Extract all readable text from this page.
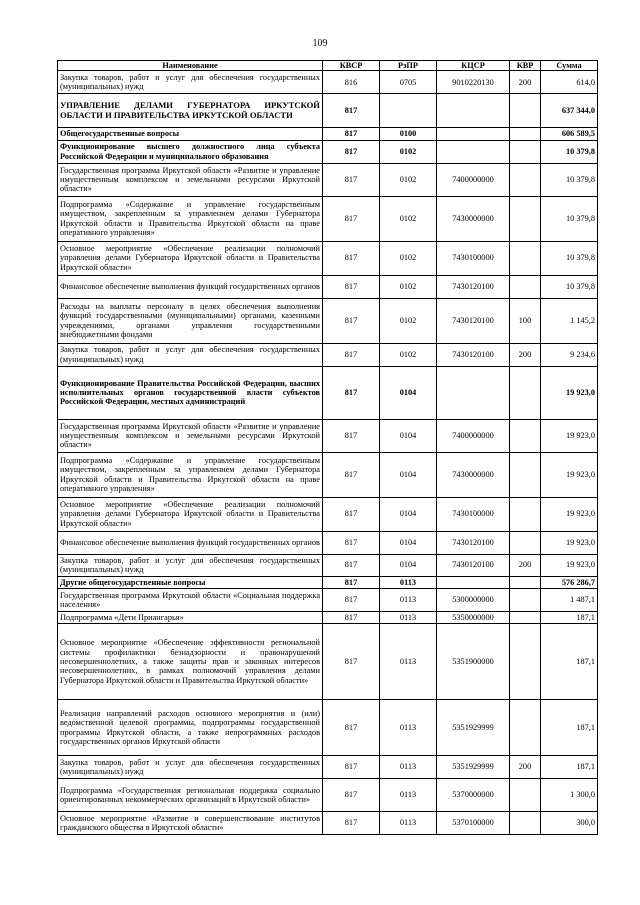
109
Наименование	КВСР	РзПР	КЦСР	КВР	Сумма
Закупка товаров, работ и услуг для обеспечения государственных (муниципальных) нужд	816	0705	9010220130	200	614,0
УПРАВЛЕНИЕ ДЕЛАМИ ГУБЕРНАТОРА ИРКУТСКОЙ ОБЛАСТИ И ПРАВИТЕЛЬСТВА ИРКУТСКОЙ ОБЛАСТИ	817				637 344,0
Общегосударственные вопросы	817	0100			606 589,5
Функционирование высшего должностного лица субъекта Российской Федерации и муниципального образования	817	0102			10 379,8
Государственная программа Иркутской области «Развитие и управление имущественным комплексом и земельными ресурсами Иркутской области»	817	0102	7400000000		10 379,8
Подпрограмма «Содержание и управление государственным имуществом, закрепленным за управлением делами Губернатора Иркутской области и Правительства Иркутской области на праве оперативного управления»	817	0102	7430000000		10 379,8
Основное мероприятие «Обеспечение реализации полномочий управления делами Губернатора Иркутской области и Правительства Иркутской области»	817	0102	7430100000		10 379,8
Финансовое обеспечение выполнения функций государственных органов	817	0102	7430120100		10 379,8
Расходы на выплаты персоналу в целях обеспечения выполнения функций государственными (муниципальными) органами, казенными учреждениями, органами управления государственными внебюджетными фондами	817	0102	7430120100	100	1 145,2
Закупка товаров, работ и услуг для обеспечения государственных (муниципальных) нужд	817	0102	7430120100	200	9 234,6
Функционирование Правительства Российской Федерации, высших исполнительных органов государственной власти субъектов Российской Федерации, местных администраций	817	0104			19 923,0
Государственная программа Иркутской области «Развитие и управление имущественным комплексом и земельными ресурсами Иркутской области»	817	0104	7400000000		19 923,0
Подпрограмма «Содержание и управление государственным имуществом, закрепленным за управлением делами Губернатора Иркутской области и Правительства Иркутской области на праве оперативного управления»	817	0104	7430000000		19 923,0
Основное мероприятие «Обеспечение реализации полномочий управления делами Губернатора Иркутской области и Правительства Иркутской области»	817	0104	7430100000		19 923,0
Финансовое обеспечение выполнения функций государственных органов	817	0104	7430120100		19 923,0
Закупка товаров, работ и услуг для обеспечения государственных (муниципальных) нужд	817	0104	7430120100	200	19 923,0
Другие общегосударственные вопросы	817	0113			576 286,7
Государственная программа Иркутской области «Социальная поддержка населения»	817	0113	5300000000		1 487,1
Подпрограмма «Дети Приангарья»	817	0113	5350000000		187,1
Основное мероприятие «Обеспечение эффективности региональной системы профилактики безнадзорности и правонарушений несовершеннолетних, а также защиты прав и законных интересов несовершеннолетних, в рамках полномочий управления делами Губернатора Иркутской области и Правительства Иркутской области»	817	0113	5351900000		187,1
Реализация направлений расходов основного мероприятия и (или) ведомственной целевой программы, подпрограммы государственной программы Иркутской области, а также непрограммных расходов государственных органов Иркутской области	817	0113	5351929999		187,1
Закупка товаров, работ и услуг для обеспечения государственных (муниципальных) нужд	817	0113	5351929999	200	187,1
Подпрограмма «Государственная региональная поддержка социально ориентированных некоммерческих организаций в Иркутской области»	817	0113	5370000000		1 300,0
Основное мероприятие «Развитие и совершенствование институтов гражданского общества в Иркутской области»	817	0113	5370100000		300,0
